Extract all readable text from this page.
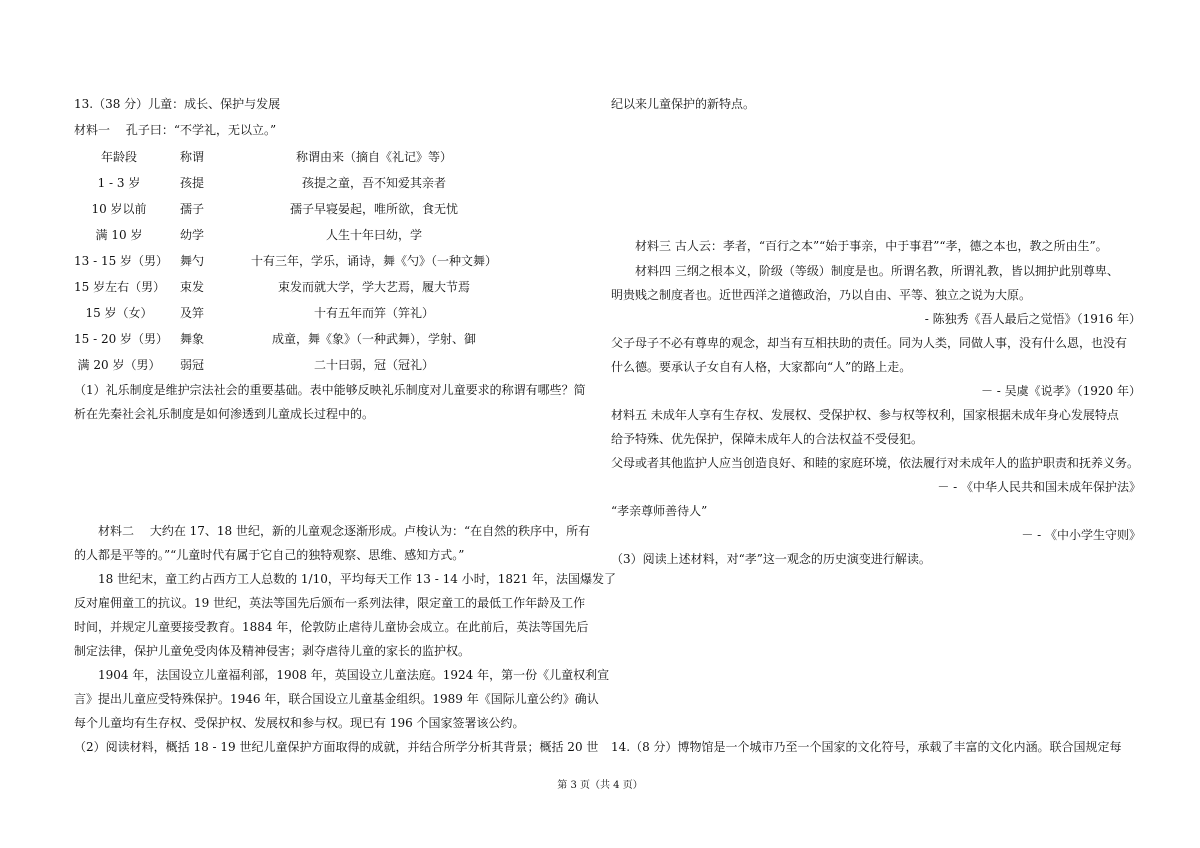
13.（38 分）儿童：成长、保护与发展
材料一 　孔子曰：“不学礼，无以立。”
年龄段	称谓	称谓由来（摘自《礼记》等）
1 - 3 岁	孩提	孩提之童，吾不知爱其亲者
10 岁以前	孺子	孺子早寝晏起，唯所欲，食无忧
满 10 岁	幼学	人生十年曰幼，学
13 - 15 岁（男） 舞勺	十有三年，学乐，诵诗，舞《勺》（一种文舞）
15 岁左右（男） 束发	束发而就大学，学大艺焉，履大节焉
15 岁（女）	及笄	十有五年而笄（笄礼）
15 - 20 岁（男） 舞象	成童，舞《象》（一种武舞），学射、御
满 20 岁（男） 弱冠	二十曰弱，冠（冠礼）
（1）礼乐制度是维护宗法社会的重要基础。表中能够反映礼乐制度对儿童要求的称谓有哪些？简
析在先秦社会礼乐制度是如何渗透到儿童成长过程中的。
　　材料二 　大约在 17、18 世纪，新的儿童观念逐渐形成。卢梭认为：“在自然的秩序中，所有
的人都是平等的。”“儿童时代有属于它自己的独特观察、思维、感知方式。”
　　18 世纪末，童工约占西方工人总数的 1/10，平均每天工作 13 - 14 小时，1821 年，法国爆发了
反对雇佣童工的抗议。19 世纪，英法等国先后颁布一系列法律，限定童工的最低工作年龄及工作
时间，并规定儿童要接受教育。1884 年，伦敦防止虐待儿童协会成立。在此前后，英法等国先后
制定法律，保护儿童免受肉体及精神侵害；剥夺虐待儿童的家长的监护权。
　　1904 年，法国设立儿童福利部，1908 年，英国设立儿童法庭。1924 年，第一份《儿童权利宣
言》提出儿童应受特殊保护。1946 年，联合国设立儿童基金组织。1989 年《国际儿童公约》确认
每个儿童均有生存权、受保护权、发展权和参与权。现已有 196 个国家签署该公约。
（2）阅读材料，概括 18 - 19 世纪儿童保护方面取得的成就，并结合所学分析其背景；概括 20 世
纪以来儿童保护的新特点。
　　材料三 古人云：孝者，“百行之本”“始于事亲，中于事君”“孝，德之本也，教之所由生”。
　　材料四 三纲之根本义，阶级（等级）制度是也。所谓名教，所谓礼教，皆以拥护此别尊卑、
明贵贱之制度者也。近世西洋之道德政治，乃以自由、平等、独立之说为大原。
- 陈独秀《吾人最后之觉悟》（1916 年）
父子母子不必有尊卑的观念，却当有互相扶助的责任。同为人类，同做人事，没有什么恩，也没有
什么德。要承认子女自有人格，大家都向“人”的路上走。
－ - 吴虞《说孝》（1920 年）
材料五 未成年人享有生存权、发展权、受保护权、参与权等权利，国家根据未成年身心发展特点
给予特殊、优先保护，保障未成年人的合法权益不受侵犯。
父母或者其他监护人应当创造良好、和睦的家庭环境，依法履行对未成年人的监护职责和抚养义务。
－ - 《中华人民共和国未成年保护法》
“孝亲尊师善待人”
－ - 《中小学生守则》
（3）阅读上述材料，对“孝”这一观念的历史演变进行解读。
14.（8 分）博物馆是一个城市乃至一个国家的文化符号，承载了丰富的文化内涵。联合国规定每
第 3 页（共 4 页）
